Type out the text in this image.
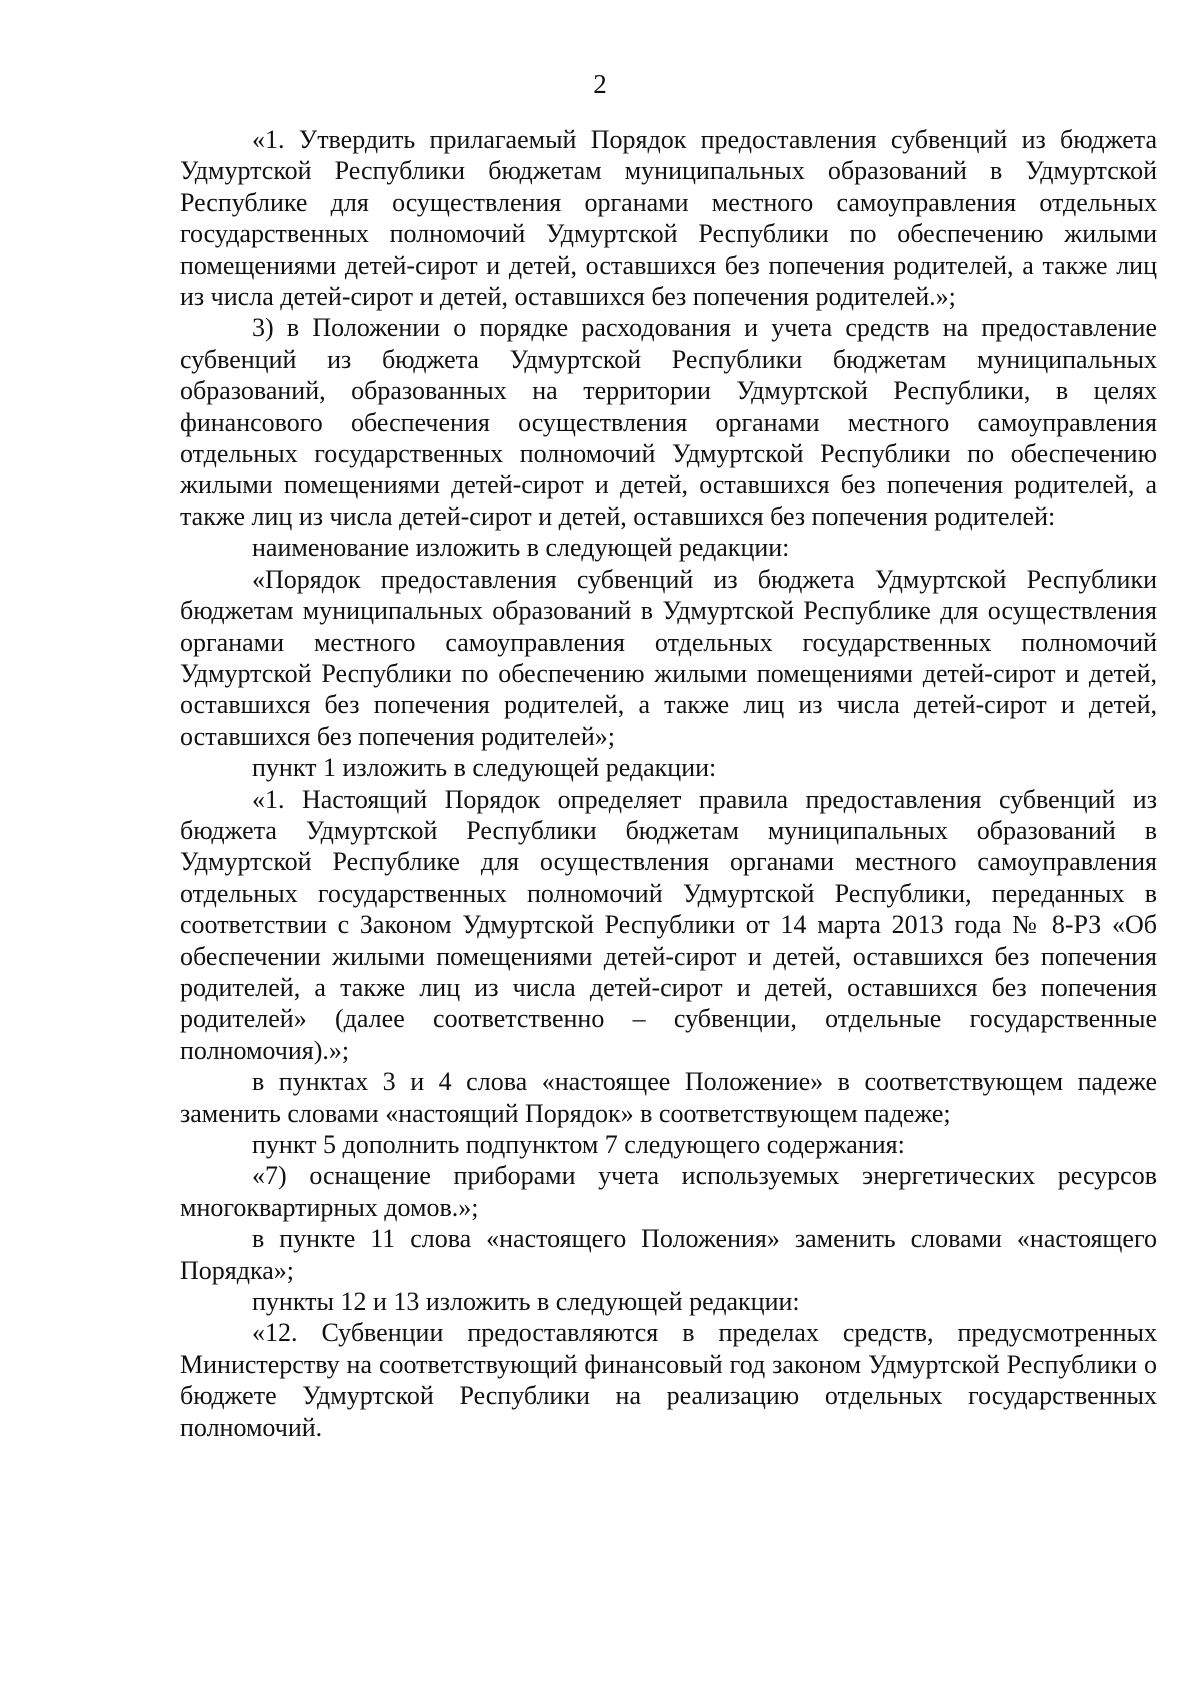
2

«1. Утвердить прилагаемый Порядок предоставления субвенций из бюджета Удмуртской Республики бюджетам муниципальных образований в Удмуртской Республике для осуществления органами местного самоуправления отдельных государственных полномочий Удмуртской Республики по обеспечению жилыми помещениями детей-сирот и детей, оставшихся без попечения родителей, а также лиц из числа детей-сирот и детей, оставшихся без попечения родителей.»;

3) в Положении о порядке расходования и учета средств на предоставление субвенций из бюджета Удмуртской Республики бюджетам муниципальных образований, образованных на территории Удмуртской Республики, в целях финансового обеспечения осуществления органами местного самоуправления отдельных государственных полномочий Удмуртской Республики по обеспечению жилыми помещениями детей-сирот и детей, оставшихся без попечения родителей, а также лиц из числа детей-сирот и детей, оставшихся без попечения родителей:

наименование изложить в следующей редакции:

«Порядок предоставления субвенций из бюджета Удмуртской Республики бюджетам муниципальных образований в Удмуртской Республике для осуществления органами местного самоуправления отдельных государственных полномочий Удмуртской Республики по обеспечению жилыми помещениями детей-сирот и детей, оставшихся без попечения родителей, а также лиц из числа детей-сирот и детей, оставшихся без попечения родителей»;

пункт 1 изложить в следующей редакции:

«1. Настоящий Порядок определяет правила предоставления субвенций из бюджета Удмуртской Республики бюджетам муниципальных образований в Удмуртской Республике для осуществления органами местного самоуправления отдельных государственных полномочий Удмуртской Республики, переданных в соответствии с Законом Удмуртской Республики от 14 марта 2013 года № 8-РЗ «Об обеспечении жилыми помещениями детей-сирот и детей, оставшихся без попечения родителей, а также лиц из числа детей-сирот и детей, оставшихся без попечения родителей» (далее соответственно – субвенции, отдельные государственные полномочия).»;

в пунктах 3 и 4 слова «настоящее Положение» в соответствующем падеже заменить словами «настоящий Порядок» в соответствующем падеже;

пункт 5 дополнить подпунктом 7 следующего содержания:

«7) оснащение приборами учета используемых энергетических ресурсов многоквартирных домов.»;

в пункте 11 слова «настоящего Положения» заменить словами «настоящего Порядка»;

пункты 12 и 13 изложить в следующей редакции:

«12. Субвенции предоставляются в пределах средств, предусмотренных Министерству на соответствующий финансовый год законом Удмуртской Республики о бюджете Удмуртской Республики на реализацию отдельных государственных полномочий.
